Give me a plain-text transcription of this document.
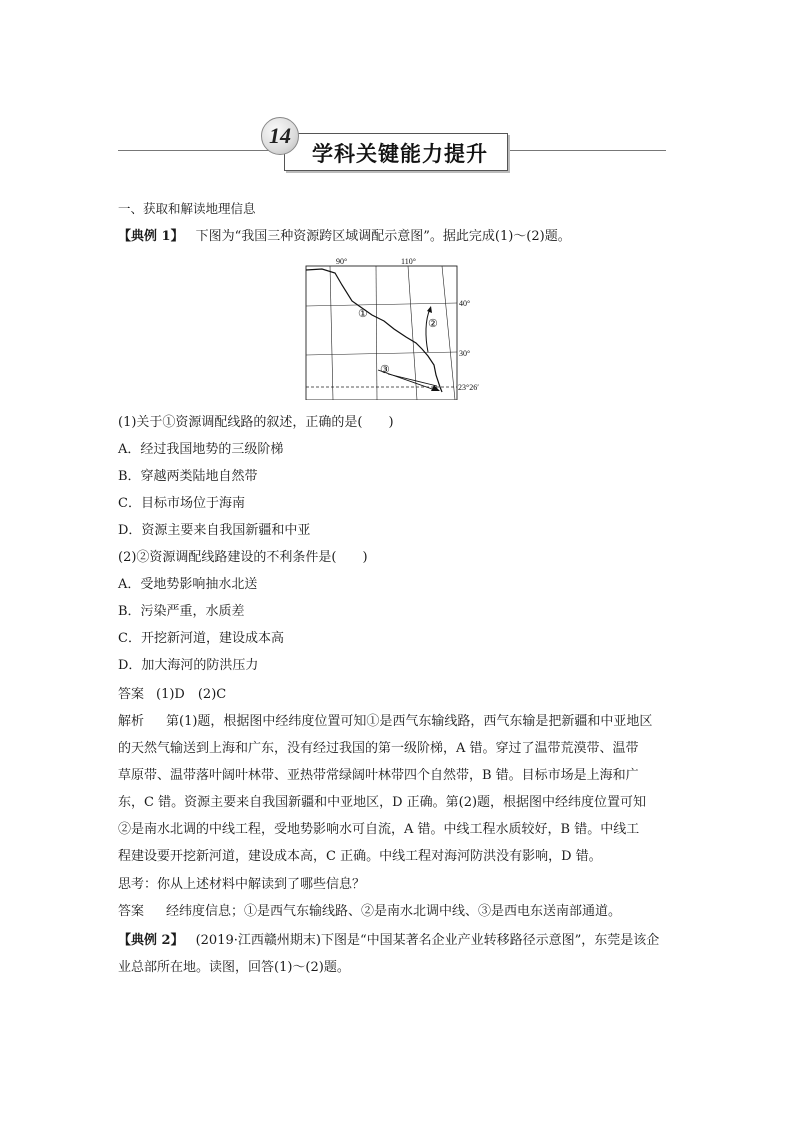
学科关键能力提升
14
一、获取和解读地理信息
【典例 1】 下图为“我国三种资源跨区域调配示意图”。据此完成(1)～(2)题。
90°	110°
40°
30°
23°26′
①
②
③
(1)关于①资源调配线路的叙述，正确的是(　　)
A．经过我国地势的三级阶梯
B．穿越两类陆地自然带
C．目标市场位于海南
D．资源主要来自我国新疆和中亚
(2)②资源调配线路建设的不利条件是(　　)
A．受地势影响抽水北送
B．污染严重，水质差
C．开挖新河道，建设成本高
D．加大海河的防洪压力
答案 (1)D　(2)C
解析 第(1)题，根据图中经纬度位置可知①是西气东输线路，西气东输是把新疆和中亚地区
的天然气输送到上海和广东，没有经过我国的第一级阶梯，A 错。穿过了温带荒漠带、温带
草原带、温带落叶阔叶林带、亚热带常绿阔叶林带四个自然带，B 错。目标市场是上海和广
东，C 错。资源主要来自我国新疆和中亚地区，D 正确。第(2)题，根据图中经纬度位置可知
②是南水北调的中线工程，受地势影响水可自流，A 错。中线工程水质较好，B 错。中线工
程建设要开挖新河道，建设成本高，C 正确。中线工程对海河防洪没有影响，D 错。
思考：你从上述材料中解读到了哪些信息？
答案 经纬度信息；①是西气东输线路、②是南水北调中线、③是西电东送南部通道。
【典例 2】 (2019·江西赣州期末)下图是“中国某著名企业产业转移路径示意图”，东莞是该企
业总部所在地。读图，回答(1)～(2)题。
